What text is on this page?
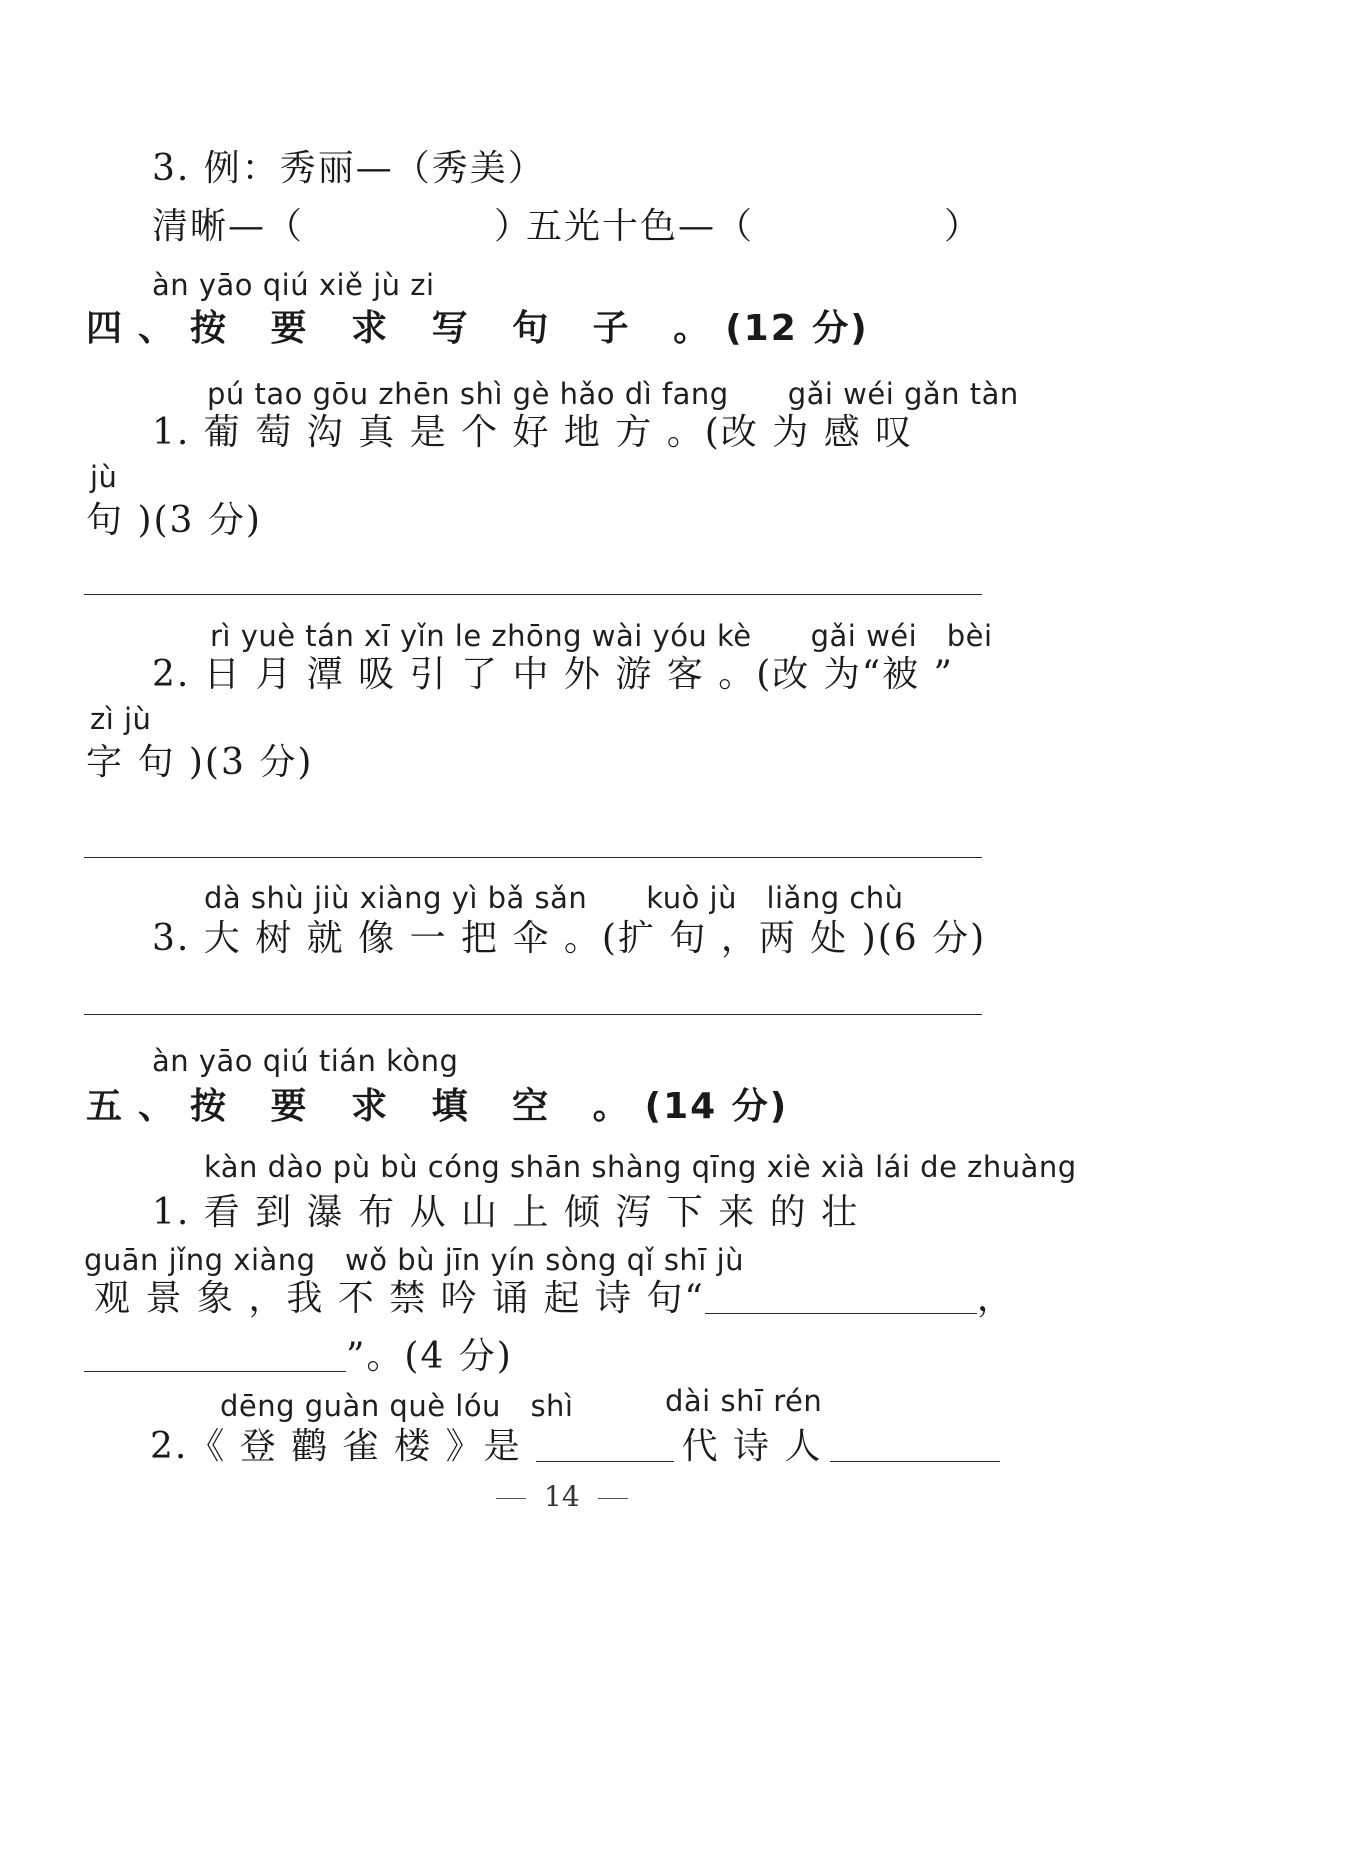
3. 例：秀丽—（秀美）
清晰—（　　　　　）
五光十色—（　　　　　）
àn yāo qiú xiě jù zi
四、按 要 求 写 句 子 。(12 分)
pú tao gōu zhēn shì gè hǎo dì fang　　gǎi wéi gǎn tàn
1. 葡 萄 沟 真 是 个 好 地 方 。(改 为 感 叹
jù
句 )(3 分)
rì yuè tán xī yǐn le zhōng wài yóu kè　　gǎi wéi　bèi
2. 日 月 潭 吸 引 了 中 外 游 客 。(改 为“被 ”
zì jù
字 句 )(3 分)
dà shù jiù xiàng yì bǎ sǎn　　kuò jù　liǎng chù
3. 大 树 就 像 一 把 伞 。(扩 句 ，两 处 )(6 分)
àn yāo qiú tián kòng
五、按 要 求 填 空 。(14 分)
kàn dào pù bù cóng shān shàng qīng xiè xià lái de zhuàng
1. 看 到 瀑 布 从 山 上 倾 泻 下 来 的 壮
guān jǐng xiàng　wǒ bù jīn yín sòng qǐ shī jù
观 景 象 ，我 不 禁 吟 诵 起 诗 句“	，
”。(4 分)
dēng guàn què lóu　shì	dài shī rén
2.《 登 鹳 雀 楼 》是	代 诗 人
14
